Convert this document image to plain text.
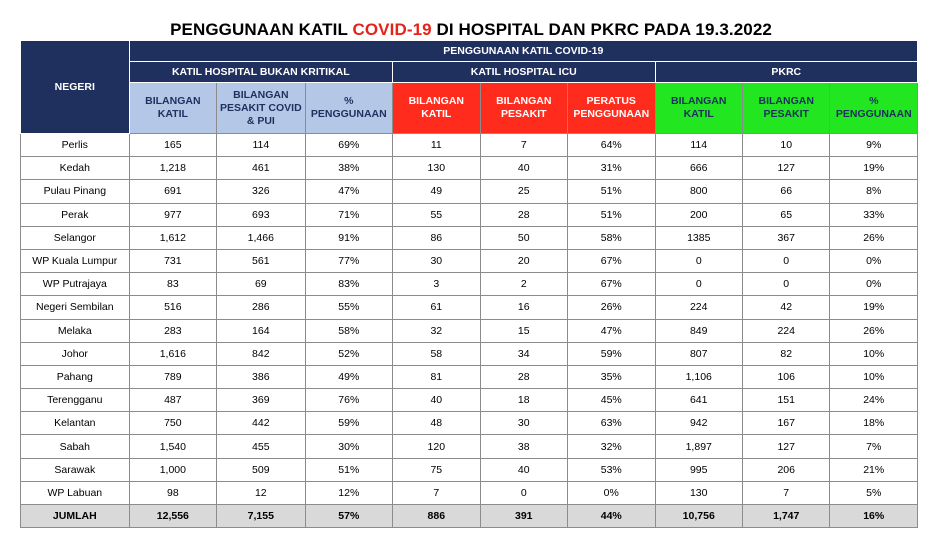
PENGGUNAAN KATIL COVID-19 DI HOSPITAL DAN PKRC PADA 19.3.2022
NEGERI	PENGGUNAAN KATIL COVID-19								
	KATIL HOSPITAL BUKAN KRITIKAL			KATIL HOSPITAL ICU			PKRC		
	BILANGAN KATIL	BILANGAN PESAKIT COVID & PUI	% PENGGUNAAN	BILANGAN KATIL	BILANGAN PESAKIT	PERATUS PENGGUNAAN	BILANGAN KATIL	BILANGAN PESAKIT	% PENGGUNAAN
Perlis	165	114	69%	11	7	64%	114	10	9%
Kedah	1,218	461	38%	130	40	31%	666	127	19%
Pulau Pinang	691	326	47%	49	25	51%	800	66	8%
Perak	977	693	71%	55	28	51%	200	65	33%
Selangor	1,612	1,466	91%	86	50	58%	1385	367	26%
WP Kuala Lumpur	731	561	77%	30	20	67%	0	0	0%
WP Putrajaya	83	69	83%	3	2	67%	0	0	0%
Negeri Sembilan	516	286	55%	61	16	26%	224	42	19%
Melaka	283	164	58%	32	15	47%	849	224	26%
Johor	1,616	842	52%	58	34	59%	807	82	10%
Pahang	789	386	49%	81	28	35%	1,106	106	10%
Terengganu	487	369	76%	40	18	45%	641	151	24%
Kelantan	750	442	59%	48	30	63%	942	167	18%
Sabah	1,540	455	30%	120	38	32%	1,897	127	7%
Sarawak	1,000	509	51%	75	40	53%	995	206	21%
WP Labuan	98	12	12%	7	0	0%	130	7	5%
JUMLAH	12,556	7,155	57%	886	391	44%	10,756	1,747	16%
